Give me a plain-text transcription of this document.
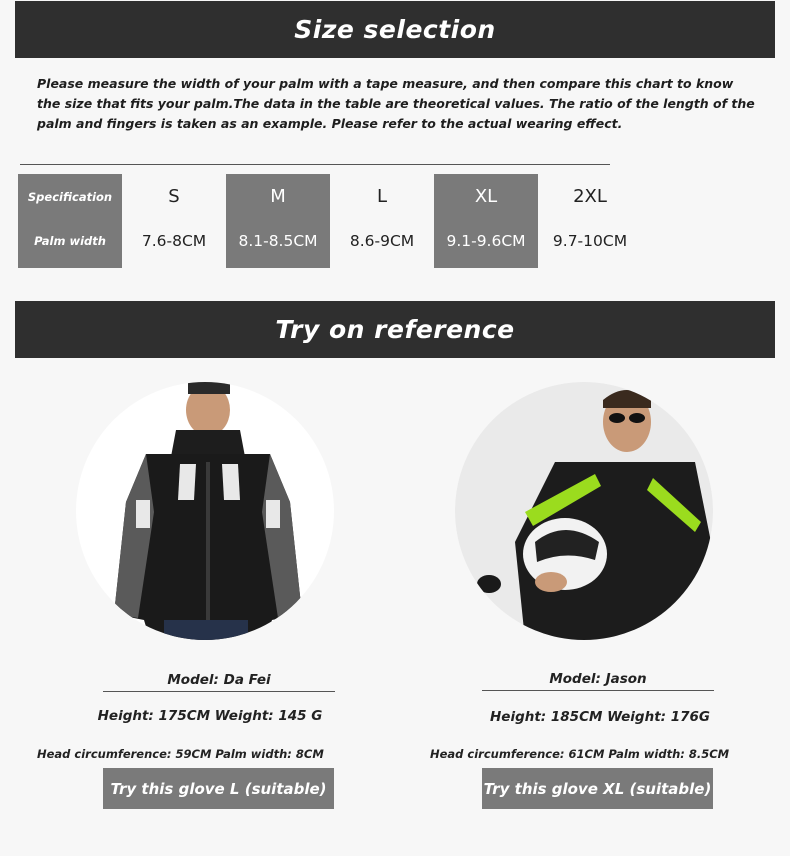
Size selection
Please measure the width of your palm with a tape measure, and then compare this chart to know the size that fits your palm.The data in the table are theoretical values. The ratio of the length of the palm and fingers is taken as an example. Please refer to the actual wearing effect.
Specification
Palm width
S
7.6-8CM
M
8.1-8.5CM
L
8.6-9CM
XL
9.1-9.6CM
2XL
9.7-10CM
Try on reference
Model: Da Fei
Height: 175CM Weight: 145 G
Head circumference: 59CM Palm width: 8CM
Try this glove L (suitable)
Model: Jason
Height: 185CM Weight: 176G
Head circumference: 61CM Palm width: 8.5CM
Try this glove XL (suitable)
